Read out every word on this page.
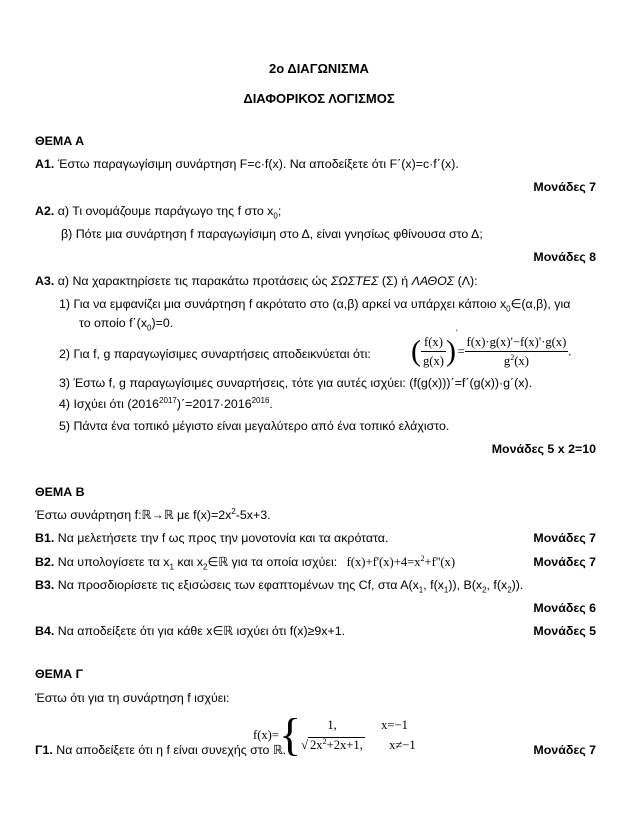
2ο ΔΙΑΓΩΝΙΣΜΑ
ΔΙΑΦΟΡΙΚΟΣ ΛΟΓΙΣΜΟΣ
ΘΕΜΑ Α
Α1. Έστω παραγωγίσιμη συνάρτηση F=c·f(x). Να αποδείξετε ότι F΄(x)=c·f΄(x).
Μονάδες 7
Α2. α) Τι ονομάζουμε παράγωγο της f στο $x_0$;
β) Πότε μια συνάρτηση f παραγωγίσιμη στο Δ, είναι γνησίως φθίνουσα στο Δ;
Μονάδες 8
Α3. α) Να χαρακτηρίσετε τις παρακάτω προτάσεις ώς ΣΩΣΤΕΣ (Σ) ή ΛΑΘΟΣ (Λ):
1) Για να εμφανίζει μια συνάρτηση f ακρότατο στο (α,β) αρκεί να υπάρχει κάποιο $x_0\in(\alpha,\beta)$, για
το οποίο $f΄(x_0)=0$.
2) Για f, g παραγωγίσιμες συναρτήσεις αποδεικνύεται ότι: ( $\frac{f(x)}{g(x)} )'= \frac{f(x)\cdot g(x)'-f(x)'\cdot g(x)}{g^2(x)}$ .
3) Έστω f, g παραγωγίσιμες συναρτήσεις, τότε για αυτές ισχύει: (f(g(x)))΄=f΄(g(x))·g΄(x).
4) Ισχύει ότι $(2016^{2017})΄=2017\cdot 2016^{2016}$.
5) Πάντα ένα τοπικό μέγιστο είναι μεγαλύτερο από ένα τοπικό ελάχιστο.
Μονάδες 5 x 2=10
ΘΕΜΑ Β
Έστω συνάρτηση f:ℝ→ℝ με $f(x)=2x^2-5x+3$.
Β1. Να μελετήσετε την f ως προς την μονοτονία και τα ακρότατα.	Μονάδες 7
Β2. Να υπολογίσετε τα $x_1$ και $x_2\in ℝ$ για τα οποία ισχύει: $f(x)+f'(x)+4=x^2+f''(x)$	Μονάδες 7
Β3. Να προσδιορίσετε τις εξισώσεις των εφαπτομένων της Cf, στα $A(x_1$, $f(x_1)$), $B(x_2$, $f(x_2)$).
Μονάδες 6
Β4. Να αποδείξετε ότι για κάθε x∈ℝ ισχύει ότι f(x)≥9x+1.	Μονάδες 5
ΘΕΜΑ Γ
Έστω ότι για τη συνάρτηση f ισχύει:
f(x)={	1,	x=−1
√ $2x^2+2x+1$, x≠−1
Γ1. Να αποδείξετε ότι η f είναι συνεχής στο ℝ.	Μονάδες 7
